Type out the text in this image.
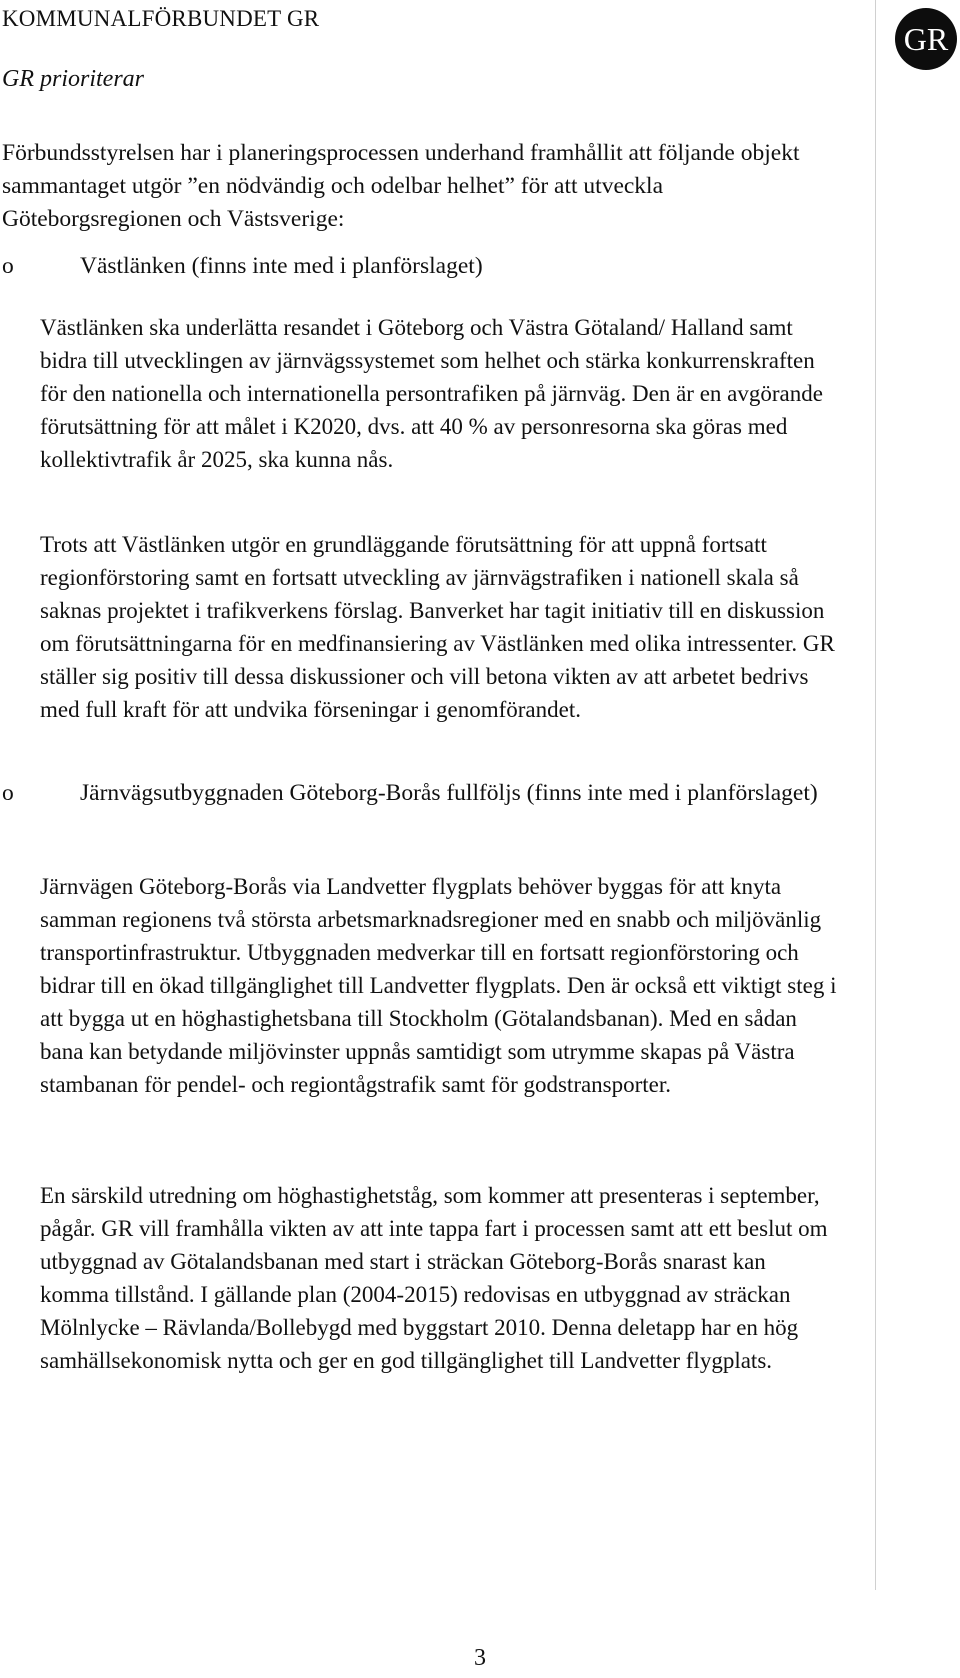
KOMMUNALFÖRBUNDET GR
GR prioriterar
GR

Förbundsstyrelsen har i planeringsprocessen underhand framhållit att följande objekt sammantaget utgör ”en nödvändig och odelbar helhet” för att utveckla Göteborgsregionen och Västsverige:

o	Västlänken (finns inte med i planförslaget)

Västlänken ska underlätta resandet i Göteborg och Västra Götaland/ Halland samt bidra till utvecklingen av järnvägssystemet som helhet och stärka konkurrenskraften för den nationella och internationella persontrafiken på järnväg. Den är en avgörande förutsättning för att målet i K2020, dvs. att 40 % av personresorna ska göras med kollektivtrafik år 2025, ska kunna nås.

Trots att Västlänken utgör en grundläggande förutsättning för att uppnå fortsatt regionförstoring samt en fortsatt utveckling av järnvägstrafiken i nationell skala så saknas projektet i trafikverkens förslag. Banverket har tagit initiativ till en diskussion om förutsättningarna för en medfinansiering av Västlänken med olika intressenter. GR ställer sig positiv till dessa diskussioner och vill betona vikten av att arbetet bedrivs med full kraft för att undvika förseningar i genomförandet.

o	Järnvägsutbyggnaden Göteborg-Borås fullföljs (finns inte med i planförslaget)

Järnvägen Göteborg-Borås via Landvetter flygplats behöver byggas för att knyta samman regionens två största arbetsmarknadsregioner med en snabb och miljövänlig transportinfrastruktur. Utbyggnaden medverkar till en fortsatt regionförstoring och bidrar till en ökad tillgänglighet till Landvetter flygplats. Den är också ett viktigt steg i att bygga ut en höghastighetsbana till Stockholm (Götalandsbanan). Med en sådan bana kan betydande miljövinster uppnås samtidigt som utrymme skapas på Västra stambanan för pendel- och regiontågstrafik samt för godstransporter.

En särskild utredning om höghastighetståg, som kommer att presenteras i september, pågår. GR vill framhålla vikten av att inte tappa fart i processen samt att ett beslut om utbyggnad av Götalandsbanan med start i sträckan Göteborg-Borås snarast kan komma tillstånd. I gällande plan (2004-2015) redovisas en utbyggnad av sträckan Mölnlycke – Rävlanda/Bollebygd med byggstart 2010. Denna deletapp har en hög samhällsekonomisk nytta och ger en god tillgänglighet till Landvetter flygplats.

3
